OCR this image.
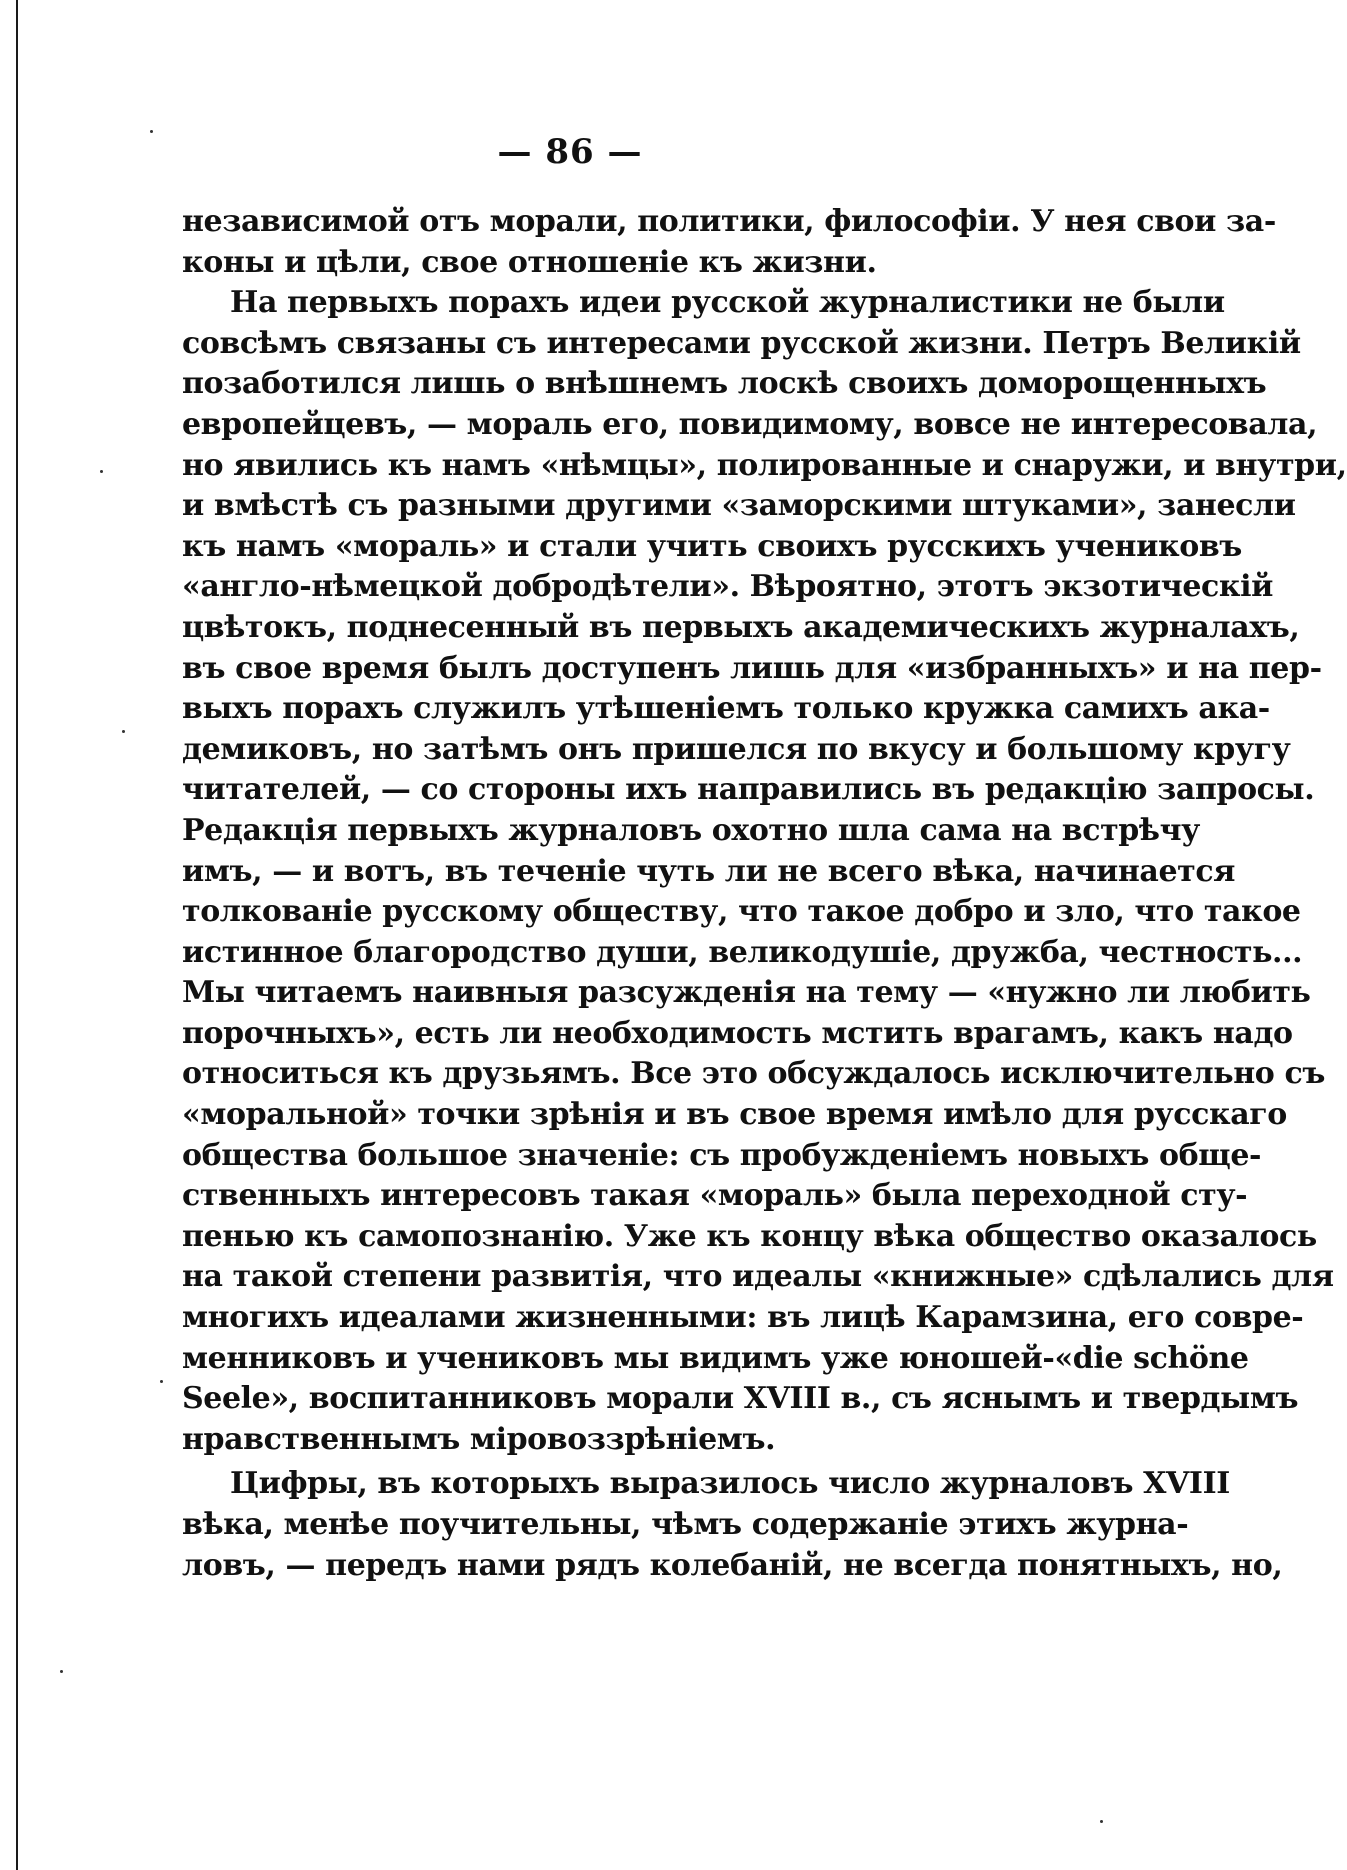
— 86 —
независимой отъ морали, политики, философіи. У нея свои за-
коны и цѣли, свое отношеніе къ жизни.
На первыхъ порахъ идеи русской журналистики не были
совсѣмъ связаны съ интересами русской жизни. Петръ Великій
позаботился лишь о внѣшнемъ лоскѣ своихъ доморощенныхъ
европейцевъ, — мораль его, повидимому, вовсе не интересовала,
но явились къ намъ «нѣмцы», полированные и снаружи, и внутри,
и вмѣстѣ съ разными другими «заморскими штуками», занесли
къ намъ «мораль» и стали учить своихъ русскихъ учениковъ
«англо-нѣмецкой добродѣтели». Вѣроятно, этотъ экзотическій
цвѣтокъ, поднесенный въ первыхъ академическихъ журналахъ,
въ свое время былъ доступенъ лишь для «избранныхъ» и на пер-
выхъ порахъ служилъ утѣшеніемъ только кружка самихъ ака-
демиковъ, но затѣмъ онъ пришелся по вкусу и большому кругу
читателей, — со стороны ихъ направились въ редакцію запросы.
Редакція первыхъ журналовъ охотно шла сама на встрѣчу
имъ, — и вотъ, въ теченіе чуть ли не всего вѣка, начинается
толкованіе русскому обществу, что такое добро и зло, что такое
истинное благородство души, великодушіе, дружба, честность...
Мы читаемъ наивныя разсужденія на тему — «нужно ли любить
порочныхъ», есть ли необходимость мстить врагамъ, какъ надо
относиться къ друзьямъ. Все это обсуждалось исключительно съ
«моральной» точки зрѣнія и въ свое время имѣло для русскаго
общества большое значеніе: съ пробужденіемъ новыхъ обще-
ственныхъ интересовъ такая «мораль» была переходной сту-
пенью къ самопознанію. Уже къ концу вѣка общество оказалось
на такой степени развитія, что идеалы «книжные» сдѣлались для
многихъ идеалами жизненными: въ лицѣ Карамзина, его совре-
менниковъ и учениковъ мы видимъ уже юношей-«die schöne
Seele», воспитанниковъ морали XVIII в., съ яснымъ и твердымъ
нравственнымъ міровоззрѣніемъ.
Цифры, въ которыхъ выразилось число журналовъ XVIII
вѣка, менѣе поучительны, чѣмъ содержаніе этихъ журна-
ловъ, — передъ нами рядъ колебаній, не всегда понятныхъ, но,
